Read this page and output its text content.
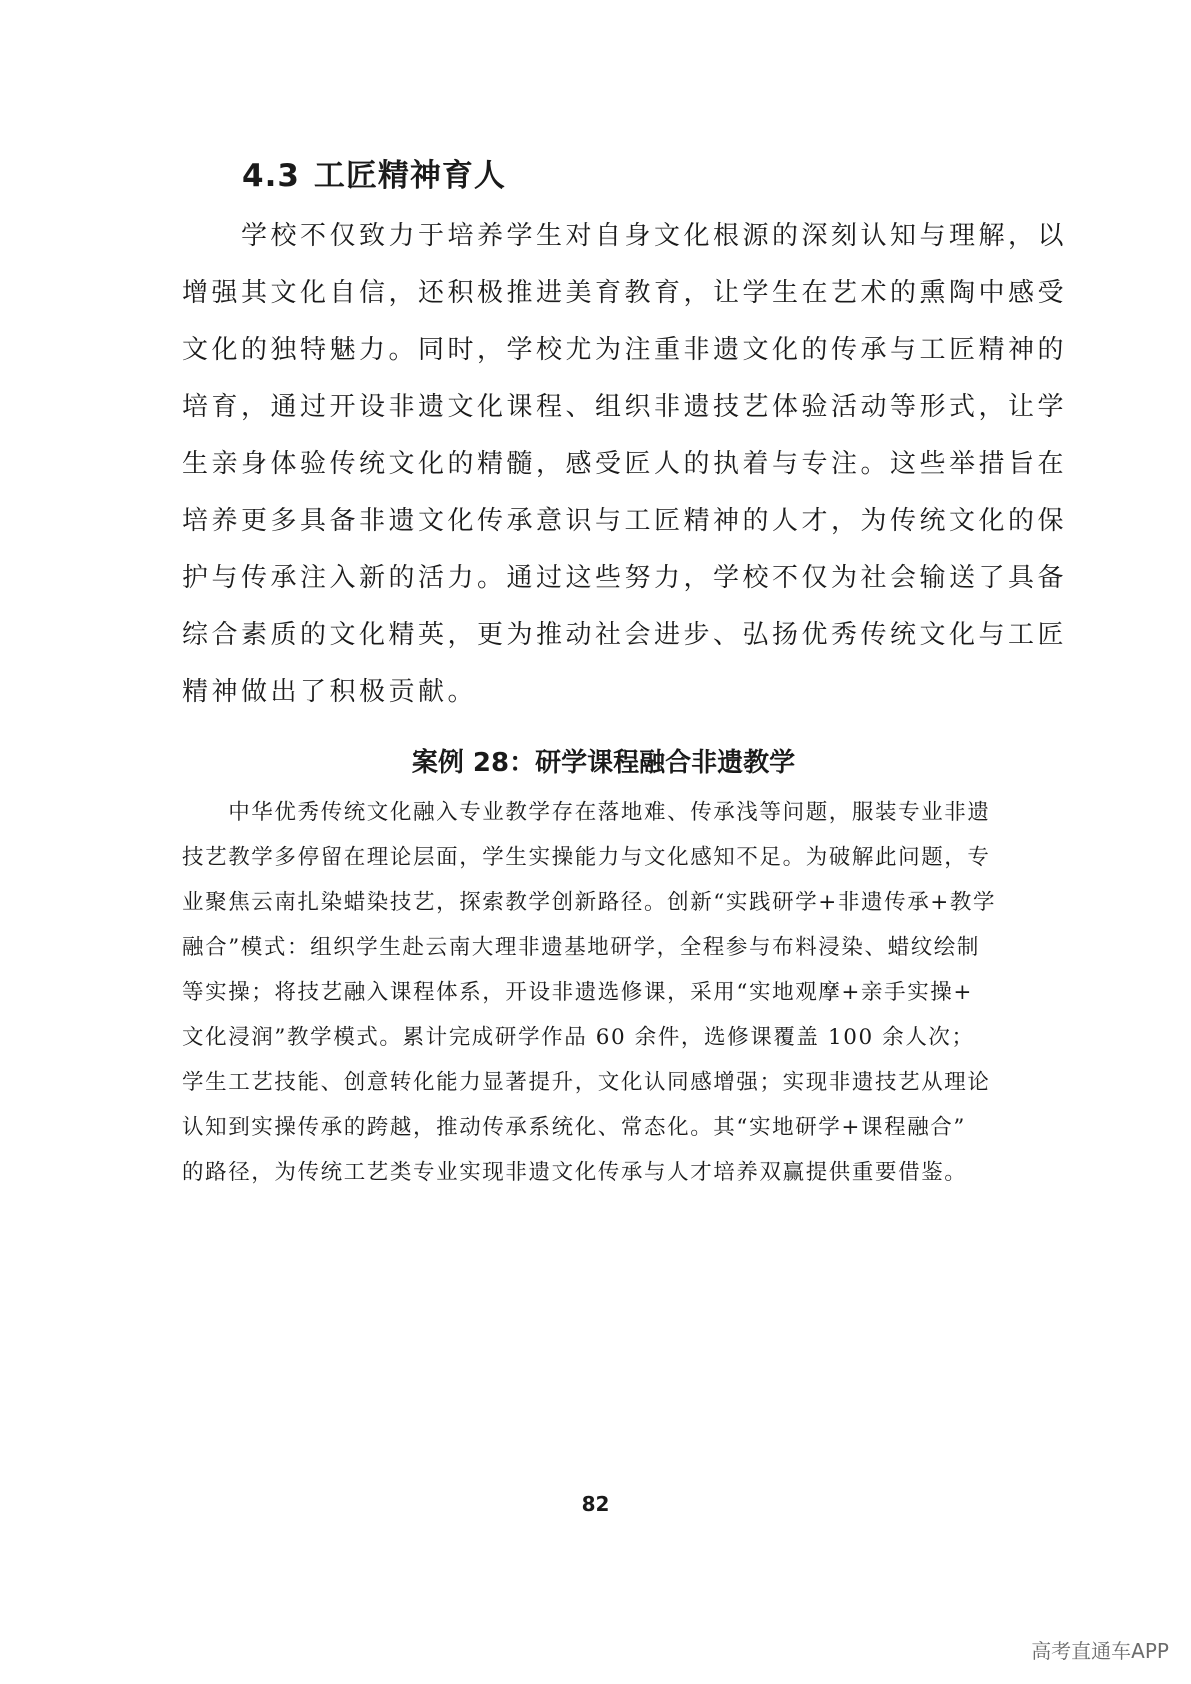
4.3 工匠精神育人

　　学校不仅致力于培养学生对自身文化根源的深刻认知与理解，以
增强其文化自信，还积极推进美育教育，让学生在艺术的熏陶中感受
文化的独特魅力。同时，学校尤为注重非遗文化的传承与工匠精神的
培育，通过开设非遗文化课程、组织非遗技艺体验活动等形式，让学
生亲身体验传统文化的精髓，感受匠人的执着与专注。这些举措旨在
培养更多具备非遗文化传承意识与工匠精神的人才，为传统文化的保
护与传承注入新的活力。通过这些努力，学校不仅为社会输送了具备
综合素质的文化精英，更为推动社会进步、弘扬优秀传统文化与工匠
精神做出了积极贡献。

案例 28：研学课程融合非遗教学

　　中华优秀传统文化融入专业教学存在落地难、传承浅等问题，服装专业非遗
技艺教学多停留在理论层面，学生实操能力与文化感知不足。为破解此问题，专
业聚焦云南扎染蜡染技艺，探索教学创新路径。创新“实践研学+非遗传承+教学
融合”模式：组织学生赴云南大理非遗基地研学，全程参与布料浸染、蜡纹绘制
等实操；将技艺融入课程体系，开设非遗选修课，采用“实地观摩+亲手实操+
文化浸润”教学模式。累计完成研学作品 60 余件，选修课覆盖 100 余人次；
学生工艺技能、创意转化能力显著提升，文化认同感增强；实现非遗技艺从理论
认知到实操传承的跨越，推动传承系统化、常态化。其“实地研学+课程融合”
的路径，为传统工艺类专业实现非遗文化传承与人才培养双赢提供重要借鉴。

82
高考直通车APP
